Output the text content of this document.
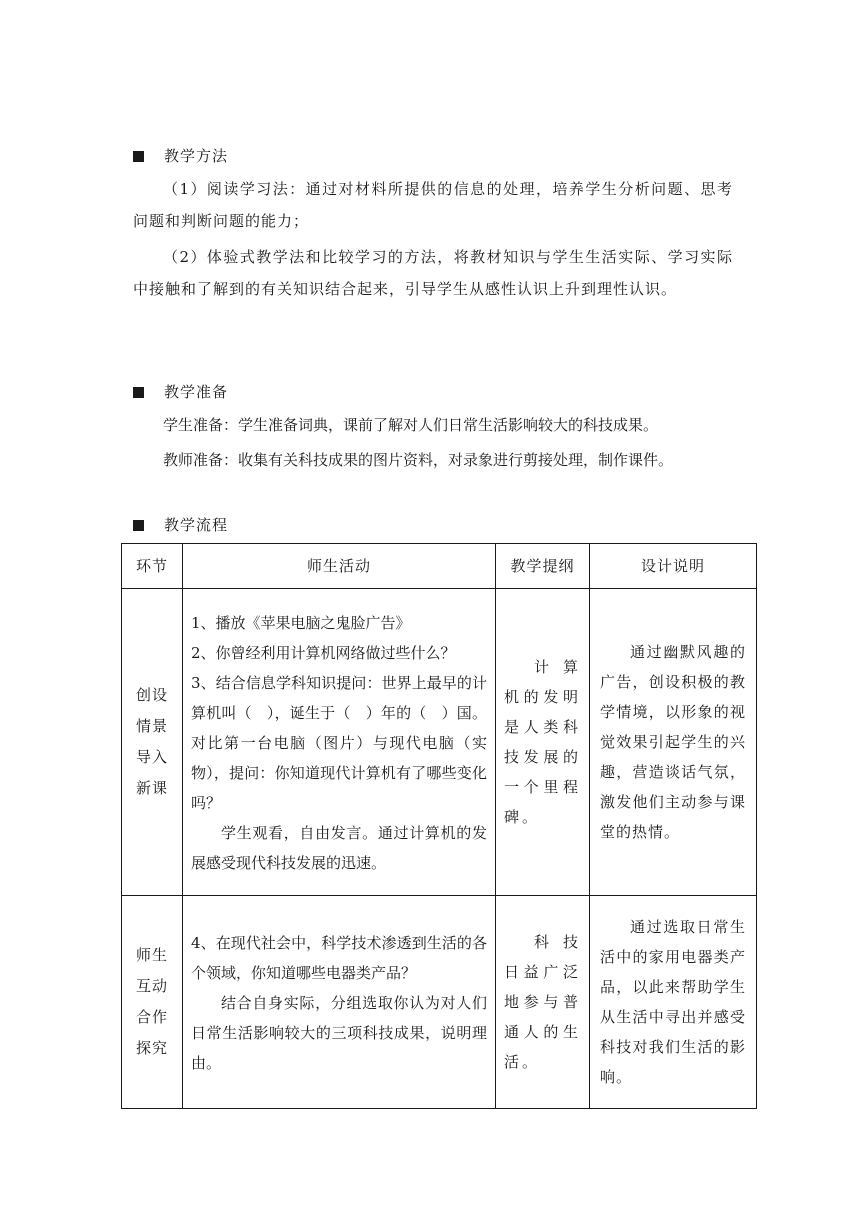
教学方法
（1）阅读学习法：通过对材料所提供的信息的处理，培养学生分析问题、思考问题和判断问题的能力；
（2）体验式教学法和比较学习的方法，将教材知识与学生生活实际、学习实际中接触和了解到的有关知识结合起来，引导学生从感性认识上升到理性认识。
教学准备
学生准备：学生准备词典，课前了解对人们日常生活影响较大的科技成果。
教师准备：收集有关科技成果的图片资料，对录象进行剪接处理，制作课件。
教学流程
环节	师生活动	教学提纲	设计说明

创设情景导入新课	1、播放《苹果电脑之鬼脸广告》

2、你曾经利用计算机网络做过些什么？

3、结合信息学科知识提问：世界上最早的计算机叫（　），诞生于（　）年的（　）国。对比第一台电脑（图片）与现代电脑（实物），提问：你知道现代计算机有了哪些变化吗？

学生观看，自由发言。通过计算机的发展感受现代科技发展的迅速。	计算机的发明是人类科技发展的一个里程碑。	通过幽默风趣的广告，创设积极的教学情境，以形象的视觉效果引起学生的兴趣，营造谈话气氛，激发他们主动参与课堂的热情。

师生互动合作探究	4、在现代社会中，科学技术渗透到生活的各个领域，你知道哪些电器类产品？

结合自身实际，分组选取你认为对人们日常生活影响较大的三项科技成果，说明理由。	科技日益广泛地参与普通人的生活。	通过选取日常生活中的家用电器类产品，以此来帮助学生从生活中寻出并感受科技对我们生活的影响。
